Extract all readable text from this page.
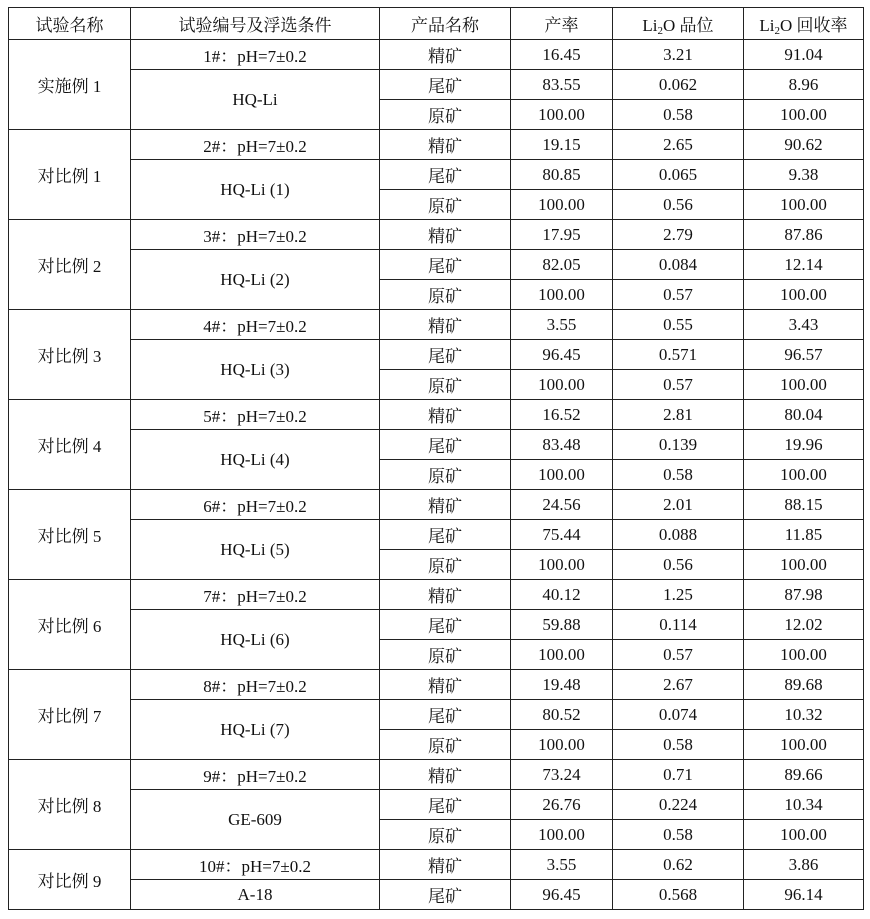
试验名称	试验编号及浮选条件	产品名称	产率	$Li_2O$ 品位	$Li_2O$ 回收率
实施例 1	1#：pH=7±0.2	精矿	16.45	3.21	91.04
	HQ-Li	尾矿	83.55	0.062	8.96
		原矿	100.00	0.58	100.00
对比例 1	2#：pH=7±0.2	精矿	19.15	2.65	90.62
	HQ-Li (1)	尾矿	80.85	0.065	9.38
		原矿	100.00	0.56	100.00
对比例 2	3#：pH=7±0.2	精矿	17.95	2.79	87.86
	HQ-Li (2)	尾矿	82.05	0.084	12.14
		原矿	100.00	0.57	100.00
对比例 3	4#：pH=7±0.2	精矿	3.55	0.55	3.43
	HQ-Li (3)	尾矿	96.45	0.571	96.57
		原矿	100.00	0.57	100.00
对比例 4	5#：pH=7±0.2	精矿	16.52	2.81	80.04
	HQ-Li (4)	尾矿	83.48	0.139	19.96
		原矿	100.00	0.58	100.00
对比例 5	6#：pH=7±0.2	精矿	24.56	2.01	88.15
	HQ-Li (5)	尾矿	75.44	0.088	11.85
		原矿	100.00	0.56	100.00
对比例 6	7#：pH=7±0.2	精矿	40.12	1.25	87.98
	HQ-Li (6)	尾矿	59.88	0.114	12.02
		原矿	100.00	0.57	100.00
对比例 7	8#：pH=7±0.2	精矿	19.48	2.67	89.68
	HQ-Li (7)	尾矿	80.52	0.074	10.32
		原矿	100.00	0.58	100.00
对比例 8	9#：pH=7±0.2	精矿	73.24	0.71	89.66
	GE-609	尾矿	26.76	0.224	10.34
		原矿	100.00	0.58	100.00
对比例 9	10#：pH=7±0.2	精矿	3.55	0.62	3.86
	A-18	尾矿	96.45	0.568	96.14
